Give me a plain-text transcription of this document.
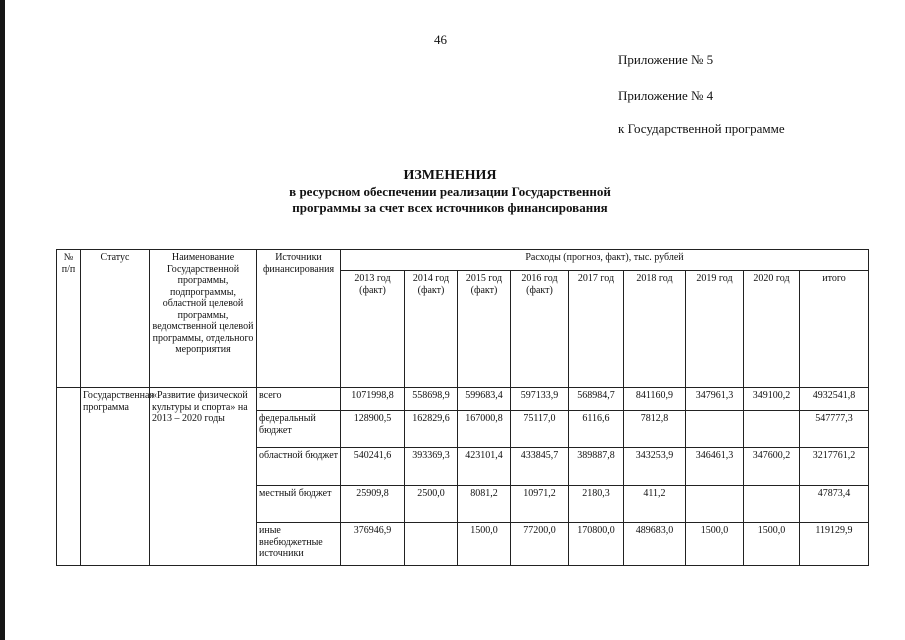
46
Приложение № 5
Приложение № 4
к Государственной программе
ИЗМЕНЕНИЯ
в ресурсном обеспечении реализации Государственной
программы за счет всех источников финансирования
№ п/п	Статус	Наименование Государственной программы, подпрограммы, областной целевой программы, ведомственной целевой программы, отдельного мероприятия	Источники финансирования	Расходы (прогноз, факт), тыс. рублей								
				2013 год (факт)	2014 год (факт)	2015 год (факт)	2016 год (факт)	2017 год	2018 год	2019 год	2020 год	итого
	Государственная программа	«Развитие физической культуры и спорта» на 2013 – 2020 годы	всего	1071998,8	558698,9	599683,4	597133,9	568984,7	841160,9	347961,3	349100,2	4932541,8
			федеральный бюджет	128900,5	162829,6	167000,8	75117,0	6116,6	7812,8			547777,3
			областной бюджет	540241,6	393369,3	423101,4	433845,7	389887,8	343253,9	346461,3	347600,2	3217761,2
			местный бюджет	25909,8	2500,0	8081,2	10971,2	2180,3	411,2			47873,4
			иные внебюджетные источники	376946,9		1500,0	77200,0	170800,0	489683,0	1500,0	1500,0	119129,9
